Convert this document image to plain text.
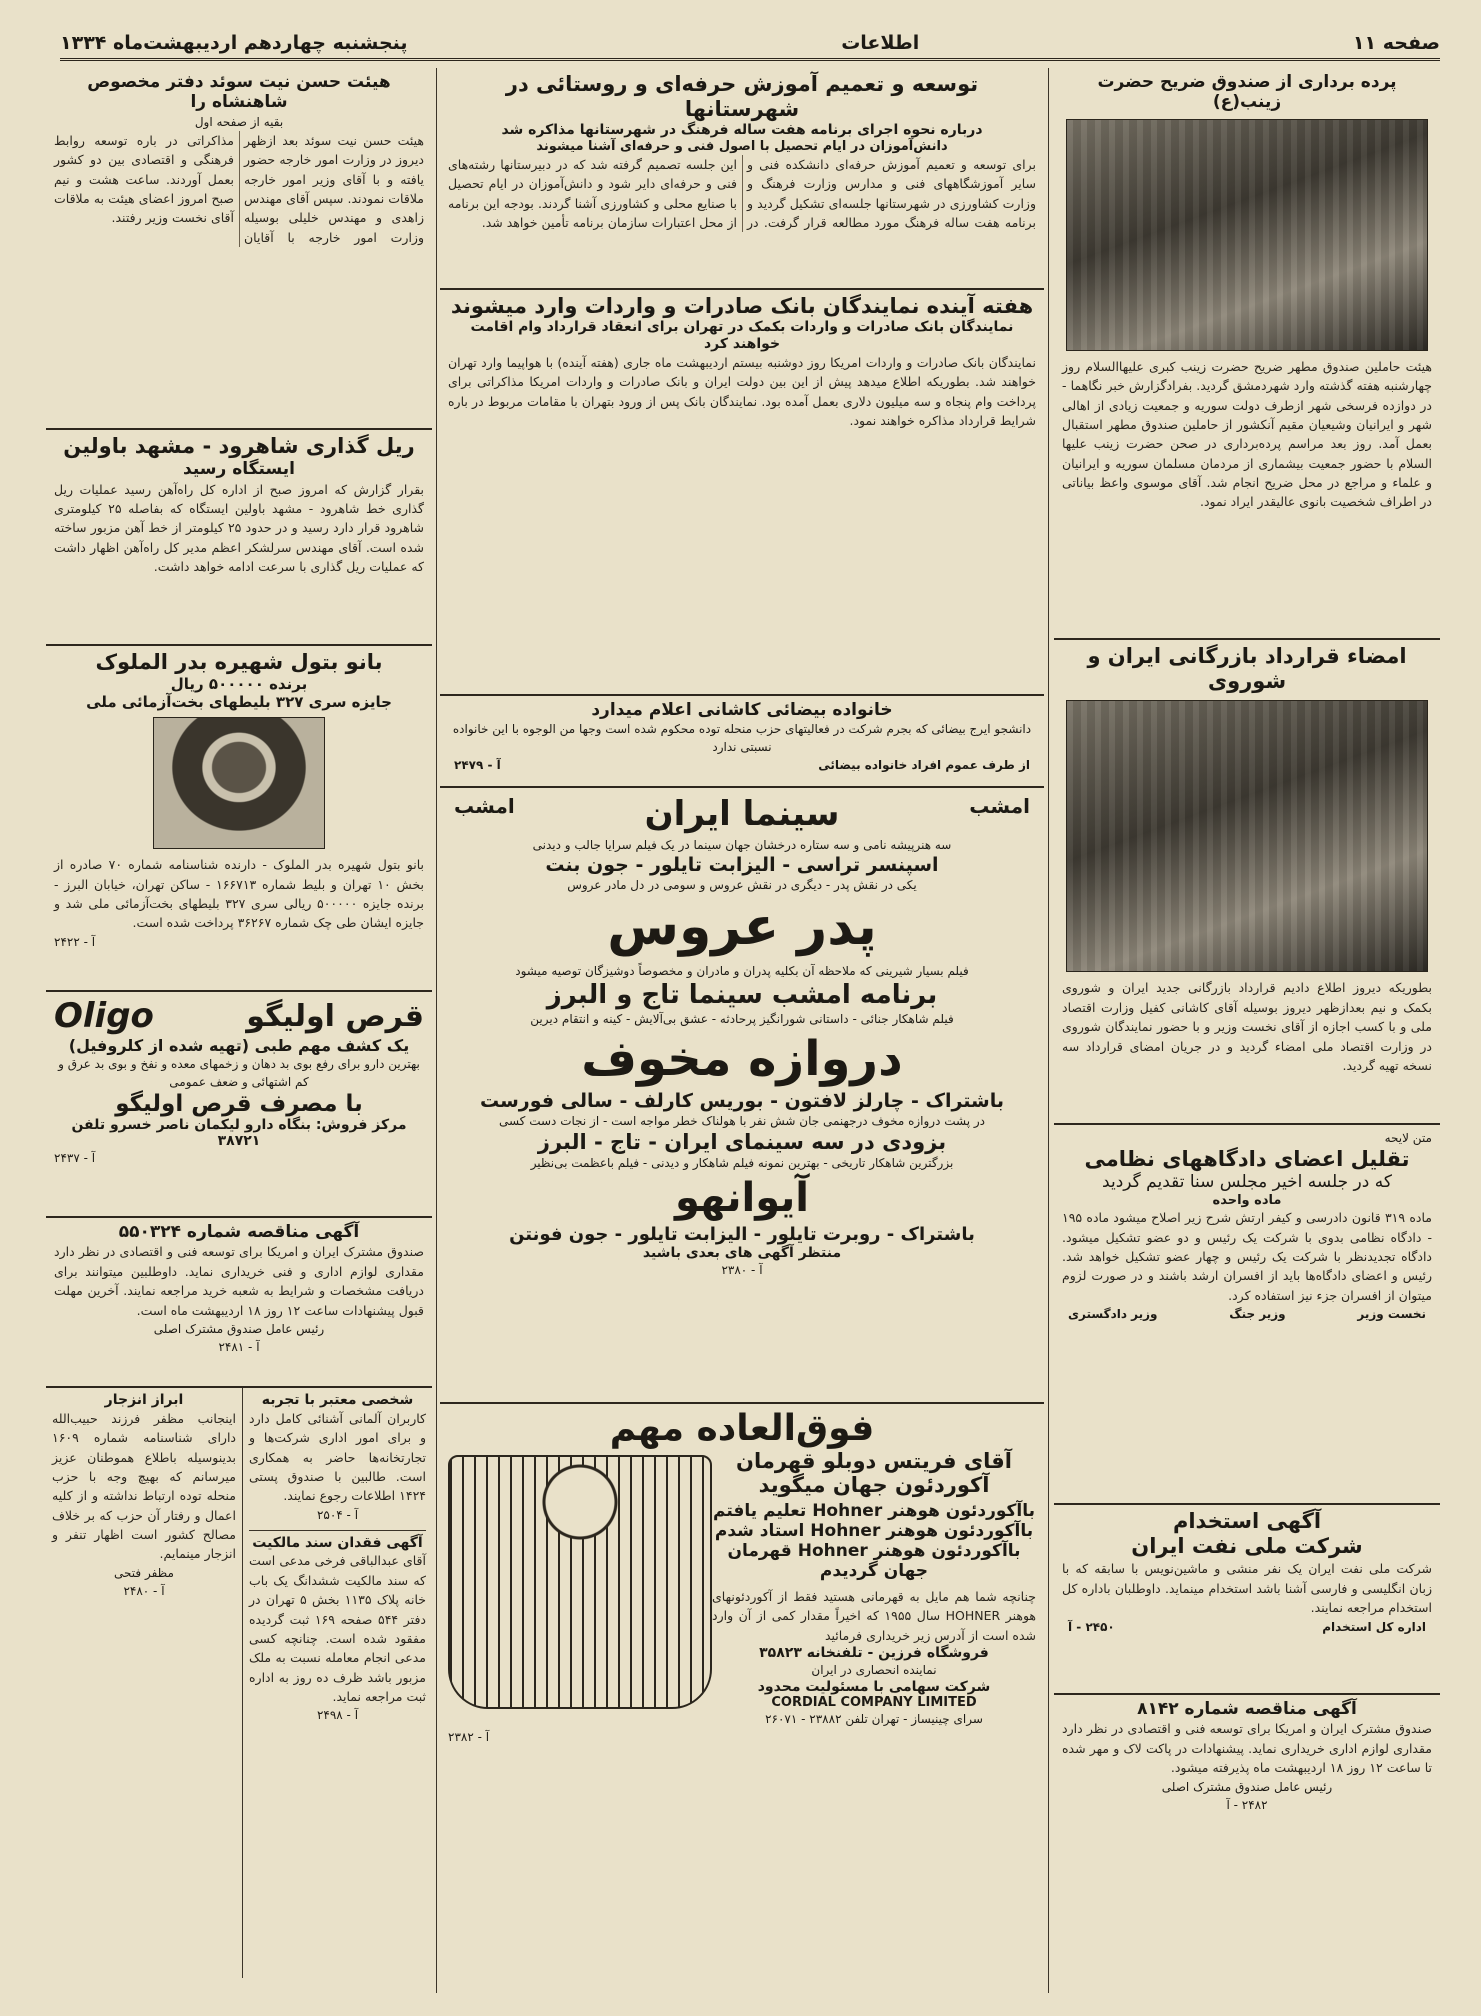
صفحه ۱۱
اطلاعات
پنجشنبه چهاردهم اردیبهشت‌ماه ۱۳۳۴
پرده برداری از صندوق ضریح حضرت زینب(ع)
هیئت حاملین صندوق مطهر ضریح حضرت زینب کبری علیهاالسلام روز چهارشنبه هفته گذشته وارد شهردمشق گردید. بفرادگزارش خبر نگاهما - در دوازده فرسخی شهر ازطرف دولت سوریه و جمعیت زیادی از اهالی شهر و ایرانیان وشیعیان مقیم آنکشور از حاملین صندوق مطهر استقبال بعمل آمد. روز بعد مراسم پرده‌برداری در صحن حضرت زینب علیها السلام با حضور جمعیت بیشماری از مردمان مسلمان سوریه و ایرانیان و علماء و مراجع در محل ضریح انجام شد. آقای موسوی واعظ بیاناتی در اطراف شخصیت بانوی عالیقدر ایراد نمود.
امضاء قرارداد بازرگانی ایران و شوروی
بطوریکه دیروز اطلاع دادیم قرارداد بازرگانی جدید ایران و شوروی بکمک و نیم بعدازظهر دیروز بوسیله آقای کاشانی کفیل وزارت اقتصاد ملی و با کسب اجازه از آقای نخست وزیر و با حضور نمایندگان شوروی در وزارت اقتصاد ملی امضاء گردید و در جریان امضای قرارداد سه نسخه تهیه گردید.
متن لایحه
تقلیل اعضای دادگاههای نظامی
که در جلسه اخیر مجلس سنا تقدیم گردید
ماده واحده
ماده ۳۱۹ قانون دادرسی و کیفر ارتش شرح زیر اصلاح میشود ماده ۱۹۵ - دادگاه نظامی بدوی با شرکت یک رئیس و دو عضو تشکیل میشود. دادگاه تجدیدنظر با شرکت یک رئیس و چهار عضو تشکیل خواهد شد. رئیس و اعضای دادگاه‌ها باید از افسران ارشد باشند و در صورت لزوم میتوان از افسران جزء نیز استفاده کرد.
نخست وزیر
وزیر جنگ
وزیر دادگستری
آگهی استخدام
شرکت ملی نفت ایران
شرکت ملی نفت ایران یک نفر منشی و ماشین‌نویس با سابقه که با زبان انگلیسی و فارسی آشنا باشد استخدام مینماید. داوطلبان باداره کل استخدام مراجعه نمایند.
اداره کل استخدام
۲۴۵۰ - آ
آگهی مناقصه شماره ۸۱۴۲
صندوق مشترک ایران و امریکا برای توسعه فنی و اقتصادی در نظر دارد مقداری لوازم اداری خریداری نماید. پیشنهادات در پاکت لاک و مهر شده تا ساعت ۱۲ روز ۱۸ اردیبهشت ماه پذیرفته میشود.
رئیس عامل صندوق مشترک اصلی
۲۴۸۲ - آ
توسعه و تعمیم آموزش حرفه‌ای و روستائی در شهرستانها
درباره نحوه اجرای برنامه هفت ساله فرهنگ در شهرستانها مذاکره شد
دانش‌آموزان در ایام تحصیل با اصول فنی و حرفه‌ای آشنا میشوند
برای توسعه و تعمیم آموزش حرفه‌ای دانشکده فنی و سایر آموزشگاههای فنی و مدارس وزارت فرهنگ و وزارت کشاورزی در شهرستانها جلسه‌ای تشکیل گردید و برنامه هفت ساله فرهنگ مورد مطالعه قرار گرفت. در این جلسه تصمیم گرفته شد که در دبیرستانها رشته‌های فنی و حرفه‌ای دایر شود و دانش‌آموزان در ایام تحصیل با صنایع محلی و کشاورزی آشنا گردند. بودجه این برنامه از محل اعتبارات سازمان برنامه تأمین خواهد شد.
هفته آینده نمایندگان بانک صادرات و واردات وارد میشوند
نمایندگان بانک صادرات و واردات بکمک در تهران برای انعقاد قرارداد وام اقامت خواهند کرد
نمایندگان بانک صادرات و واردات امریکا روز دوشنبه بیستم اردیبهشت ماه جاری (هفته آینده) با هواپیما وارد تهران خواهند شد. بطوریکه اطلاع میدهد پیش از این بین دولت ایران و بانک صادرات و واردات امریکا مذاکراتی برای پرداخت وام پنجاه و سه میلیون دلاری بعمل آمده بود. نمایندگان بانک پس از ورود بتهران با مقامات مربوط در باره شرایط قرارداد مذاکره خواهند نمود.
خانواده بیضائی کاشانی اعلام میدارد
دانشجو ایرج بیضائی که بجرم شرکت در فعالیتهای حزب منحله توده محکوم شده است وجها من الوجوه با این خانواده نسبتی ندارد
از طرف عموم افراد خانواده بیضائی
آ - ۲۴۷۹
امشب
سینما ایران
امشب
سه هنرپیشه نامی و سه ستاره درخشان جهان سینما در یک فیلم سرایا جالب و دیدنی
اسپنسر تراسی - الیزابت تایلور - جون بنت
یکی در نقش پدر - دیگری در نقش عروس و سومی در دل مادر عروس
پدر عروس
فیلم بسیار شیرینی که ملاحظه آن بکلیه پدران و مادران و مخصوصاً دوشیزگان توصیه میشود
برنامه امشب سینما تاج و البرز
فیلم شاهکار جنائی - داستانی شورانگیز پرحادثه - عشق بی‌آلایش - کینه و انتقام دیرین
دروازه مخوف
باشتراک - چارلز لافتون - بوریس کارلف - سالی فورست
در پشت دروازه مخوف درجهنمی جان شش نفر با هولناک خطر مواجه است - از نجات دست کسی
بزودی در سه سینمای ایران - تاج - البرز
بزرگترین شاهکار تاریخی - بهترین نمونه فیلم شاهکار و دیدنی - فیلم باعظمت بی‌نظیر
آیوانهو
باشتراک - روبرت تایلور - الیزابت تایلور - جون فونتن
منتظر آگهی های بعدی باشید
آ - ۲۳۸۰
فوق‌العاده مهم
آقای فریتس دوبلو قهرمان
آکوردئون جهان میگوید
باآکوردئون هوهنر Hohner تعلیم یافتم
باآکوردئون هوهنر Hohner استاد شدم
باآکوردئون هوهنر Hohner قهرمان جهان گردیدم
چنانچه شما هم مایل به قهرمانی هستید فقط از آکوردئونهای هوهنر HOHNER سال ۱۹۵۵ که اخیراً مقدار کمی از آن وارد شده است از آدرس زیر خریداری فرمائید
فروشگاه فرزین - تلفنخانه ۳۵۸۲۳
نماینده انحصاری در ایران
شرکت سهامی با مسئولیت محدود
CORDIAL COMPANY LIMITED
سرای چینیساز - تهران تلفن ۲۳۸۸۲ - ۲۶۰۷۱
آ - ۲۳۸۲
هیئت حسن نیت سوئد دفتر مخصوص شاهنشاه را
بقیه از صفحه اول
هیئت حسن نیت سوئد بعد ازظهر دیروز در وزارت امور خارجه حضور یافته و با آقای وزیر امور خارجه ملاقات نمودند. سپس آقای مهندس زاهدی و مهندس خلیلی بوسیله وزارت امور خارجه با آقایان مذاکراتی در باره توسعه روابط فرهنگی و اقتصادی بین دو کشور بعمل آوردند. ساعت هشت و نیم صبح امروز اعضای هیئت به ملاقات آقای نخست وزیر رفتند.
ریل گذاری شاهرود - مشهد باولین
ایستگاه رسید
بقرار گزارش که امروز صبح از اداره کل راه‌آهن رسید عملیات ریل گذاری خط شاهرود - مشهد باولین ایستگاه که بفاصله ۲۵ کیلومتری شاهرود قرار دارد رسید و در حدود ۲۵ کیلومتر از خط آهن مزبور ساخته شده است. آقای مهندس سرلشکر اعظم مدیر کل راه‌آهن اظهار داشت که عملیات ریل گذاری با سرعت ادامه خواهد داشت.
بانو بتول شهیره بدر الملوک
برنده ۵۰۰۰۰۰ ریال
جایزه سری ۳۲۷ بلیطهای بخت‌آزمائی ملی
بانو بتول شهیره بدر الملوک - دارنده شناسنامه شماره ۷۰ صادره از بخش ۱۰ تهران و بلیط شماره ۱۶۶۷۱۳ - ساکن تهران، خیابان البرز - برنده جایزه ۵۰۰۰۰۰ ریالی سری ۳۲۷ بلیطهای بخت‌آزمائی ملی شد و جایزه ایشان طی چک شماره ۳۶۲۶۷ پرداخت شده است.
آ - ۲۴۲۲
قرص اولیگو
Oligo
یک کشف مهم طبی (تهیه شده از کلروفیل)
بهترین دارو برای رفع بوی بد دهان و زخمهای معده و نفخ و بوی بد عرق و کم اشتهائی و ضعف عمومی
با مصرف قرص اولیگو
مرکز فروش: بنگاه دارو لیکمان ناصر خسرو تلفن ۳۸۷۲۱
آ - ۲۴۳۷
آگهی مناقصه شماره ۵۵۰۳۲۴
صندوق مشترک ایران و امریکا برای توسعه فنی و اقتصادی در نظر دارد مقداری لوازم اداری و فنی خریداری نماید. داوطلبین میتوانند برای دریافت مشخصات و شرایط به شعبه خرید مراجعه نمایند. آخرین مهلت قبول پیشنهادات ساعت ۱۲ روز ۱۸ اردیبهشت ماه است.
رئیس عامل صندوق مشترک اصلی
آ - ۲۴۸۱
شخصی معتبر با تجربه
کاربران آلمانی آشنائی کامل دارد و برای امور اداری شرکت‌ها و تجارتخانه‌ها حاضر به همکاری است. طالبین با صندوق پستی ۱۴۲۴ اطلاعات رجوع نمایند.
آ - ۲۵۰۴
آگهی فقدان سند مالکیت
آقای عبدالباقی فرخی مدعی است که سند مالکیت ششدانگ یک باب خانه پلاک ۱۱۳۵ بخش ۵ تهران در دفتر ۵۴۴ صفحه ۱۶۹ ثبت گردیده مفقود شده است. چنانچه کسی مدعی انجام معامله نسبت به ملک مزبور باشد ظرف ده روز به اداره ثبت مراجعه نماید.
آ - ۲۴۹۸
ابراز انزجار
اینجانب مظفر فرزند حبیب‌الله دارای شناسنامه شماره ۱۶۰۹ بدینوسیله باطلاع هموطنان عزیز میرسانم که بهیچ وجه با حزب منحله توده ارتباط نداشته و از کلیه اعمال و رفتار آن حزب که بر خلاف مصالح کشور است اظهار تنفر و انزجار مینمایم.
مظفر فتحی
آ - ۲۴۸۰
